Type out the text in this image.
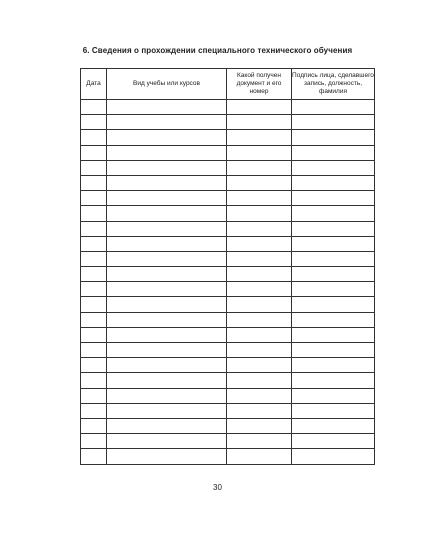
6. Сведения о прохождении специального технического обучения
Дата	Вид учебы или курсов	Какой получен документ и его номер	Подпись лица, сделавшего запись, должность, фамилия

30
